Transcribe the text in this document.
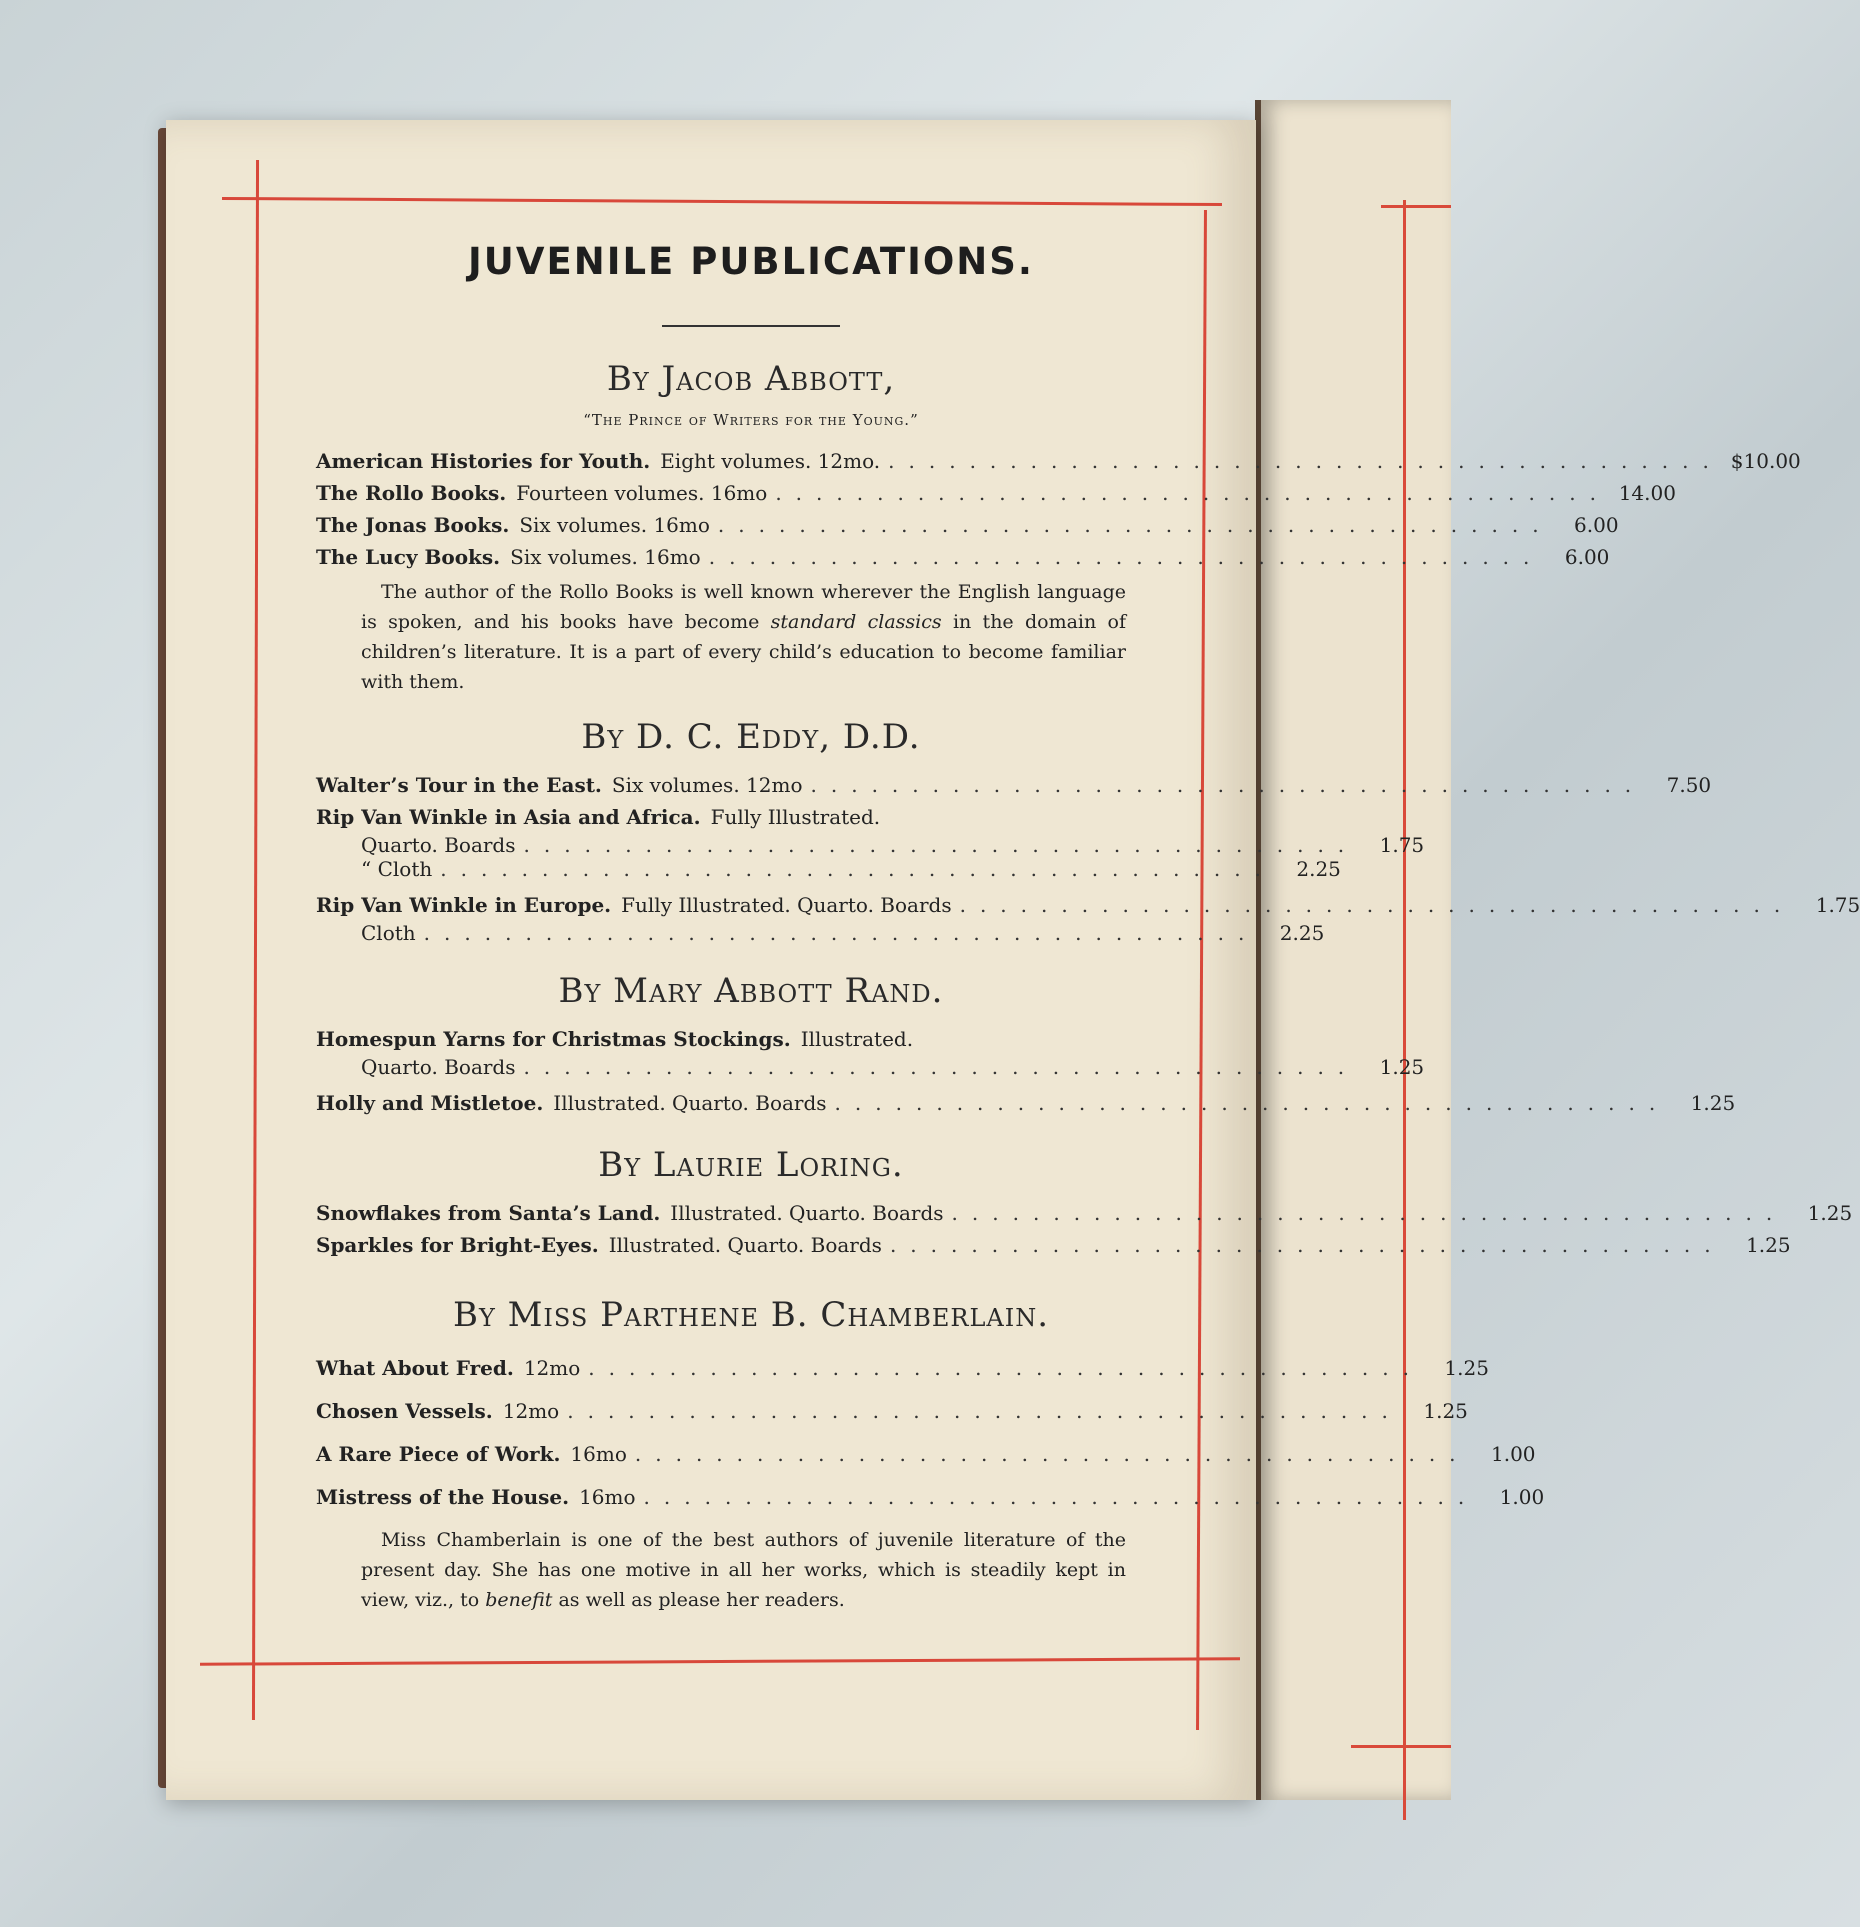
JUVENILE PUBLICATIONS.
By Jacob Abbott,
“The Prince of Writers for the Young.”
American Histories for Youth. Eight volumes. 12mo. ......................................... $10.00
The Rollo Books. Fourteen volumes. 16mo ......................................... 14.00
The Jonas Books. Six volumes. 16mo .........................................	6.00
The Lucy Books. Six volumes. 16mo .........................................	6.00

The author of the Rollo Books is well known wherever the English language is spoken, and his books have become standard classics in the domain of children’s literature. It is a part of every child’s education to become familiar with them.

By D. C. Eddy, D.D.
Walter’s Tour in the East. Six volumes. 12mo .........................................	7.50
Rip Van Winkle in Asia and Africa. Fully Illustrated.
Quarto. Boards .........................................	1.75
“ Cloth .........................................	2.25
Rip Van Winkle in Europe. Fully Illustrated. Quarto. Boards .........................................	1.75
Cloth .........................................	2.25
By Mary Abbott Rand.
Homespun Yarns for Christmas Stockings. Illustrated.
Quarto. Boards .........................................	1.25
Holly and Mistletoe. Illustrated. Quarto. Boards .........................................	1.25
By Laurie Loring.
Snowflakes from Santa’s Land. Illustrated. Quarto. Boards .........................................	1.25
Sparkles for Bright-Eyes. Illustrated. Quarto. Boards .........................................	1.25
By Miss Parthene B. Chamberlain.
What About Fred. 12mo .........................................	1.25
Chosen Vessels. 12mo .........................................	1.25
A Rare Piece of Work. 16mo .........................................	1.00
Mistress of the House. 16mo .........................................	1.00

Miss Chamberlain is one of the best authors of juvenile literature of the present day. She has one motive in all her works, which is steadily kept in view, viz., to benefit as well as please her readers.
